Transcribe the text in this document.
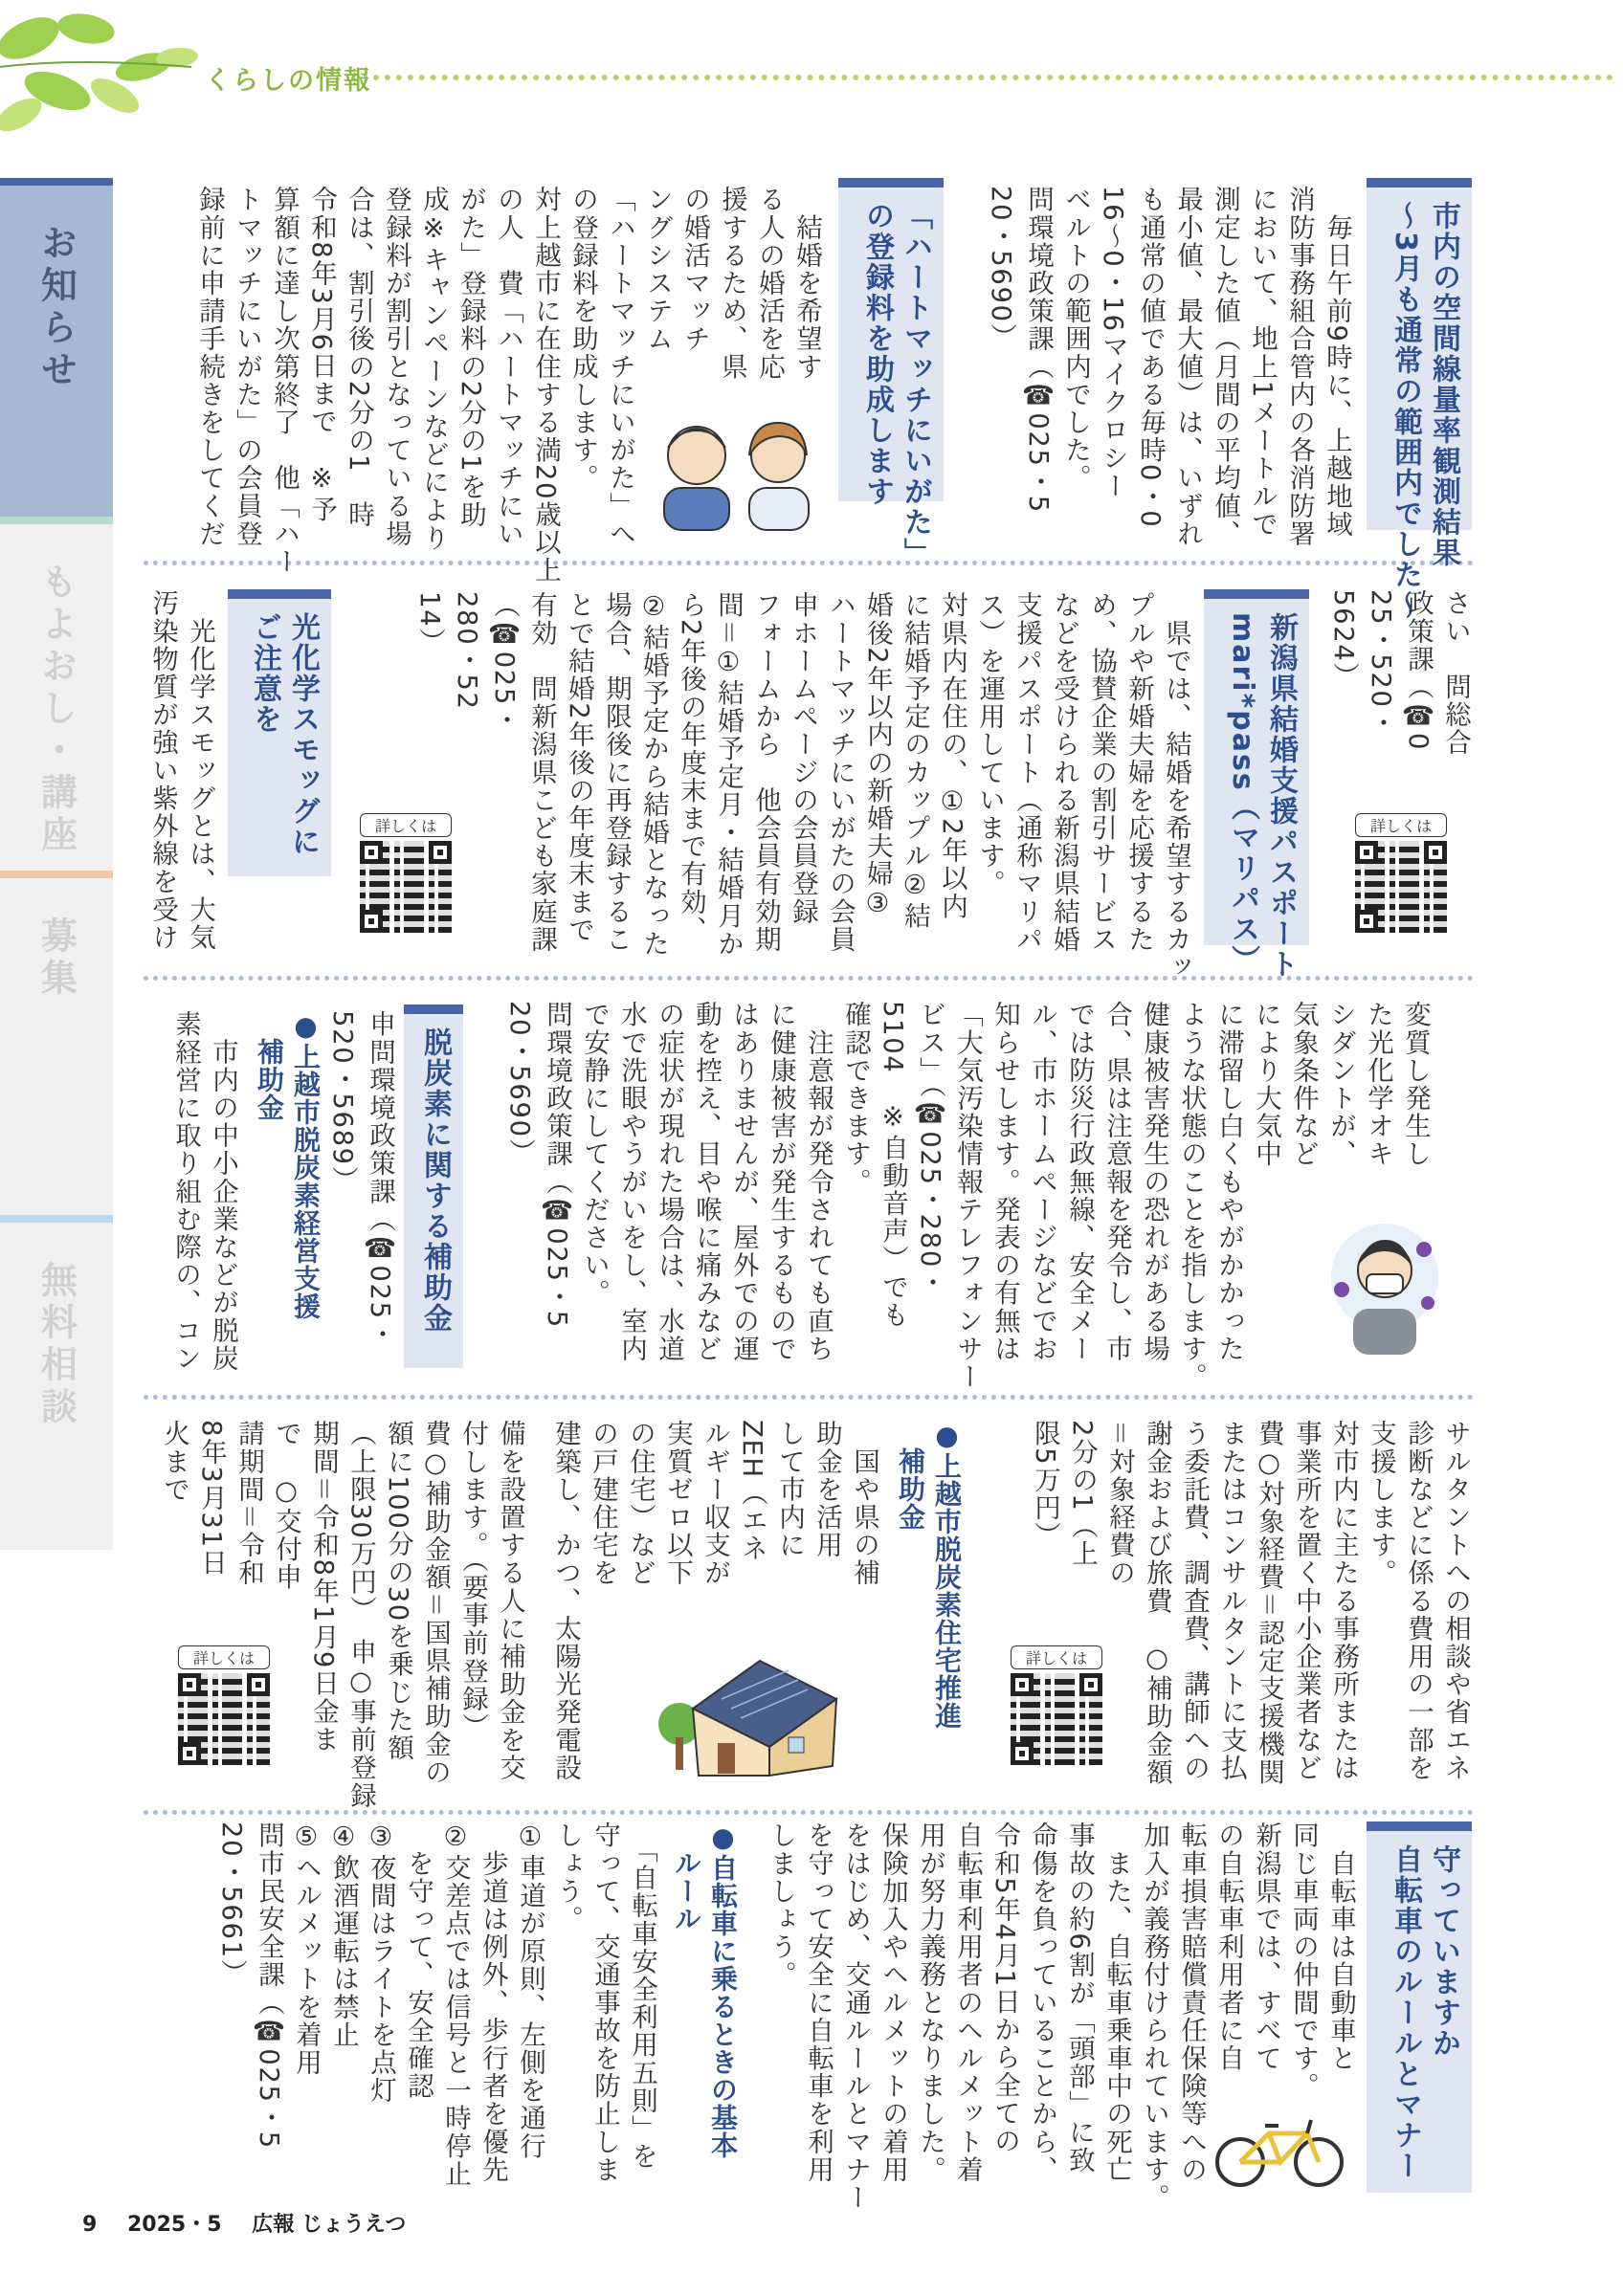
くらしの情報
お知らせ
もよおし・講座
募集
無料相談

市内の空間線量率観測結果

～3月も通常の範囲内でした～

　毎日午前9時に、上越地域

消防事務組合管内の各消防署

において、地上1メートルで

測定した値（月間の平均値、

最小値、最大値）は、いずれ

も通常の値である毎時0・0

16～0・16マイクロシー

ベルトの範囲内でした。

問環境政策課（☎025・5

20・5690）

「ハートマッチにいがた」

の登録料を助成します

　結婚を希望す

る人の婚活を応

援するため、県

の婚活マッチ

ングシステム

「ハートマッチにいがた」へ

の登録料を助成します。

対上越市に在住する満20歳以上

の人　費「ハートマッチにい

がた」登録料の2分の1を助

成※キャンペーンなどにより

登録料が割引となっている場

合は、割引後の2分の1　時

令和8年3月6日まで　※予

算額に達し次第終了　他「ハー

トマッチにいがた」の会員登

録前に申請手続きをしてくだ

さい　問総合

政策課（☎0

25・520・

5624）

詳しくは

新潟県結婚支援パスポート

mari*pass（マリパス）

　県では、結婚を希望するカッ

プルや新婚夫婦を応援するた

め、協賛企業の割引サービス

などを受けられる新潟県結婚

支援パスポート（通称マリパ

ス）を運用しています。

対県内在住の、①2年以内

に結婚予定のカップル②結

婚後2年以内の新婚夫婦③

ハートマッチにいがたの会員

申ホームページの会員登録

フォームから　他会員有効期

間＝①結婚予定月・結婚月か

ら2年後の年度末まで有効、

②結婚予定から結婚となった

場合、期限後に再登録するこ

とで結婚2年後の年度末まで

有効　問新潟県こども家庭課

（☎025・

280・52

14）

詳しくは

光化学スモッグに

ご注意を

　光化学スモッグとは、大気

汚染物質が強い紫外線を受け

変質し発生し

た光化学オキ

シダントが、

気象条件など

により大気中

に滞留し白くもやがかかった

ような状態のことを指します。

健康被害発生の恐れがある場

合、県は注意報を発令し、市

では防災行政無線、安全メー

ル、市ホームページなどでお

知らせします。発表の有無は

「大気汚染情報テレフォンサー

ビス」（☎025・280・

5104　※自動音声）でも

確認できます。

　注意報が発令されても直ち

に健康被害が発生するもので

はありませんが、屋外での運

動を控え、目や喉に痛みなど

の症状が現れた場合は、水道

水で洗眼やうがいをし、室内

で安静にしてください。

問環境政策課（☎025・5

20・5690）

脱炭素に関する補助金

申問環境政策課（☎025・

520・5689）

●上越市脱炭素経営支援

　補助金

　市内の中小企業などが脱炭

素経営に取り組む際の、コン

サルタントへの相談や省エネ

診断などに係る費用の一部を

支援します。

対市内に主たる事務所または

事業所を置く中小企業者など

費○対象経費＝認定支援機関

またはコンサルタントに支払

う委託費、調査費、講師への

謝金および旅費　○補助金額

＝対象経費の

2分の1（上

限5万円）

詳しくは

●上越市脱炭素住宅推進

　補助金

　国や県の補

助金を活用

して市内に

ZEH（エネ

ルギー収支が

実質ゼロ以下

の住宅）など

の戸建住宅を

建築し、かつ、太陽光発電設

備を設置する人に補助金を交

付します。（要事前登録）

費○補助金額＝国県補助金の

額に100分の30を乗じた額

（上限30万円）　申○事前登録

期間＝令和8年1月9日金ま

で　○交付申

請期間＝令和

8年3月31日

火まで

詳しくは

守っていますか

自転車のルールとマナー

　自転車は自動車と

同じ車両の仲間です。

新潟県では、すべて

の自転車利用者に自

転車損害賠償責任保険等への

加入が義務付けられています。

　また、自転車乗車中の死亡

事故の約6割が「頭部」に致

命傷を負っていることから、

令和5年4月1日から全ての

自転車利用者のヘルメット着

用が努力義務となりました。

保険加入やヘルメットの着用

をはじめ、交通ルールとマナー

を守って安全に自転車を利用

しましょう。

●自転車に乗るときの基本

　ルール

　「自転車安全利用五則」を

守って、交通事故を防止しま

しょう。

①車道が原則、左側を通行

　歩道は例外、歩行者を優先

②交差点では信号と一時停止

　を守って、安全確認

③夜間はライトを点灯

④飲酒運転は禁止

⑤ヘルメットを着用

問市民安全課（☎025・5

20・5661）

9 2025・5 広報 じょうえつ
